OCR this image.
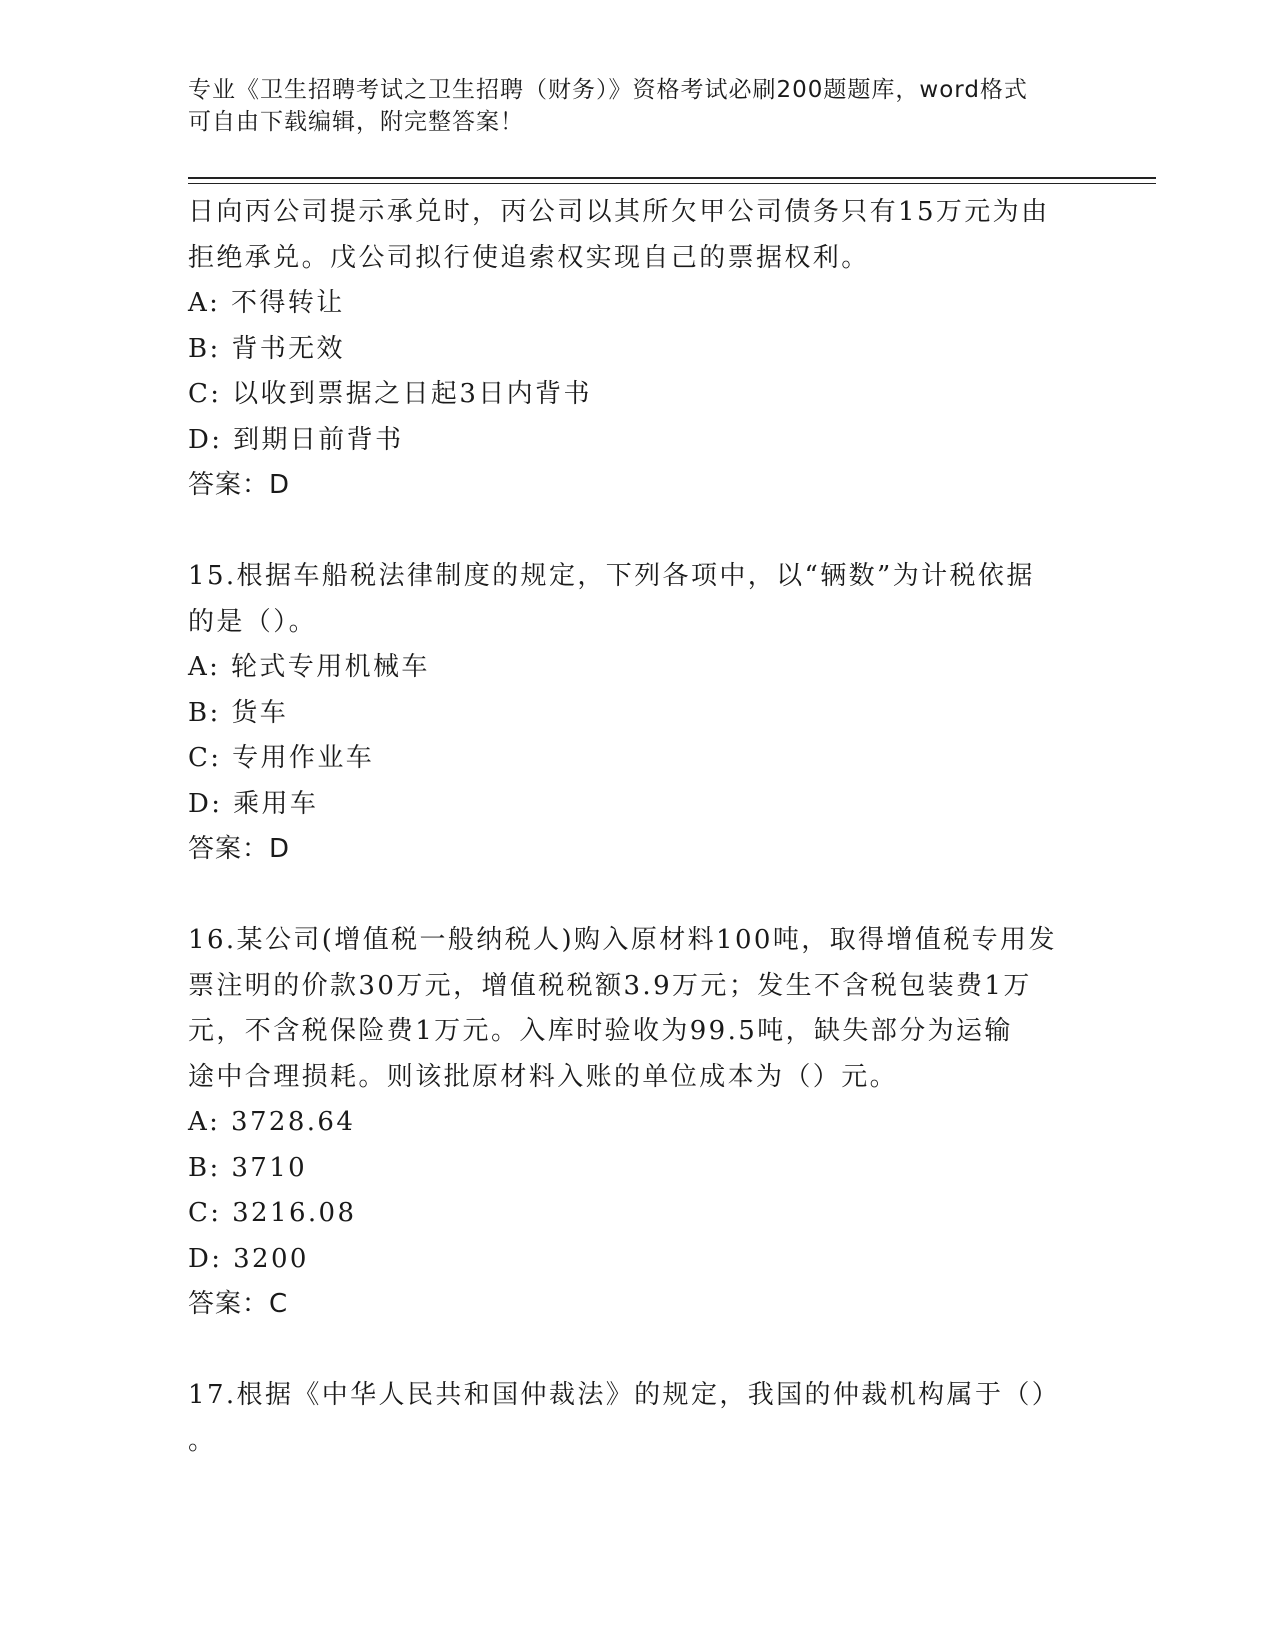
专业《卫生招聘考试之卫生招聘（财务）》资格考试必刷200题题库，word格式
可自由下载编辑，附完整答案！
日向丙公司提示承兑时，丙公司以其所欠甲公司债务只有15万元为由
拒绝承兑。戊公司拟行使追索权实现自己的票据权利。
A: 不得转让
B: 背书无效
C: 以收到票据之日起3日内背书
D: 到期日前背书
答案：D
15.根据车船税法律制度的规定，下列各项中，以“辆数”为计税依据
的是（）。
A: 轮式专用机械车
B: 货车
C: 专用作业车
D: 乘用车
答案：D
16.某公司(增值税一般纳税人)购入原材料100吨，取得增值税专用发
票注明的价款30万元，增值税税额3.9万元；发生不含税包装费1万
元，不含税保险费1万元。入库时验收为99.5吨，缺失部分为运输
途中合理损耗。则该批原材料入账的单位成本为（）元。
A: 3728.64
B: 3710
C: 3216.08
D: 3200
答案：C
17.根据《中华人民共和国仲裁法》的规定，我国的仲裁机构属于（）
。
